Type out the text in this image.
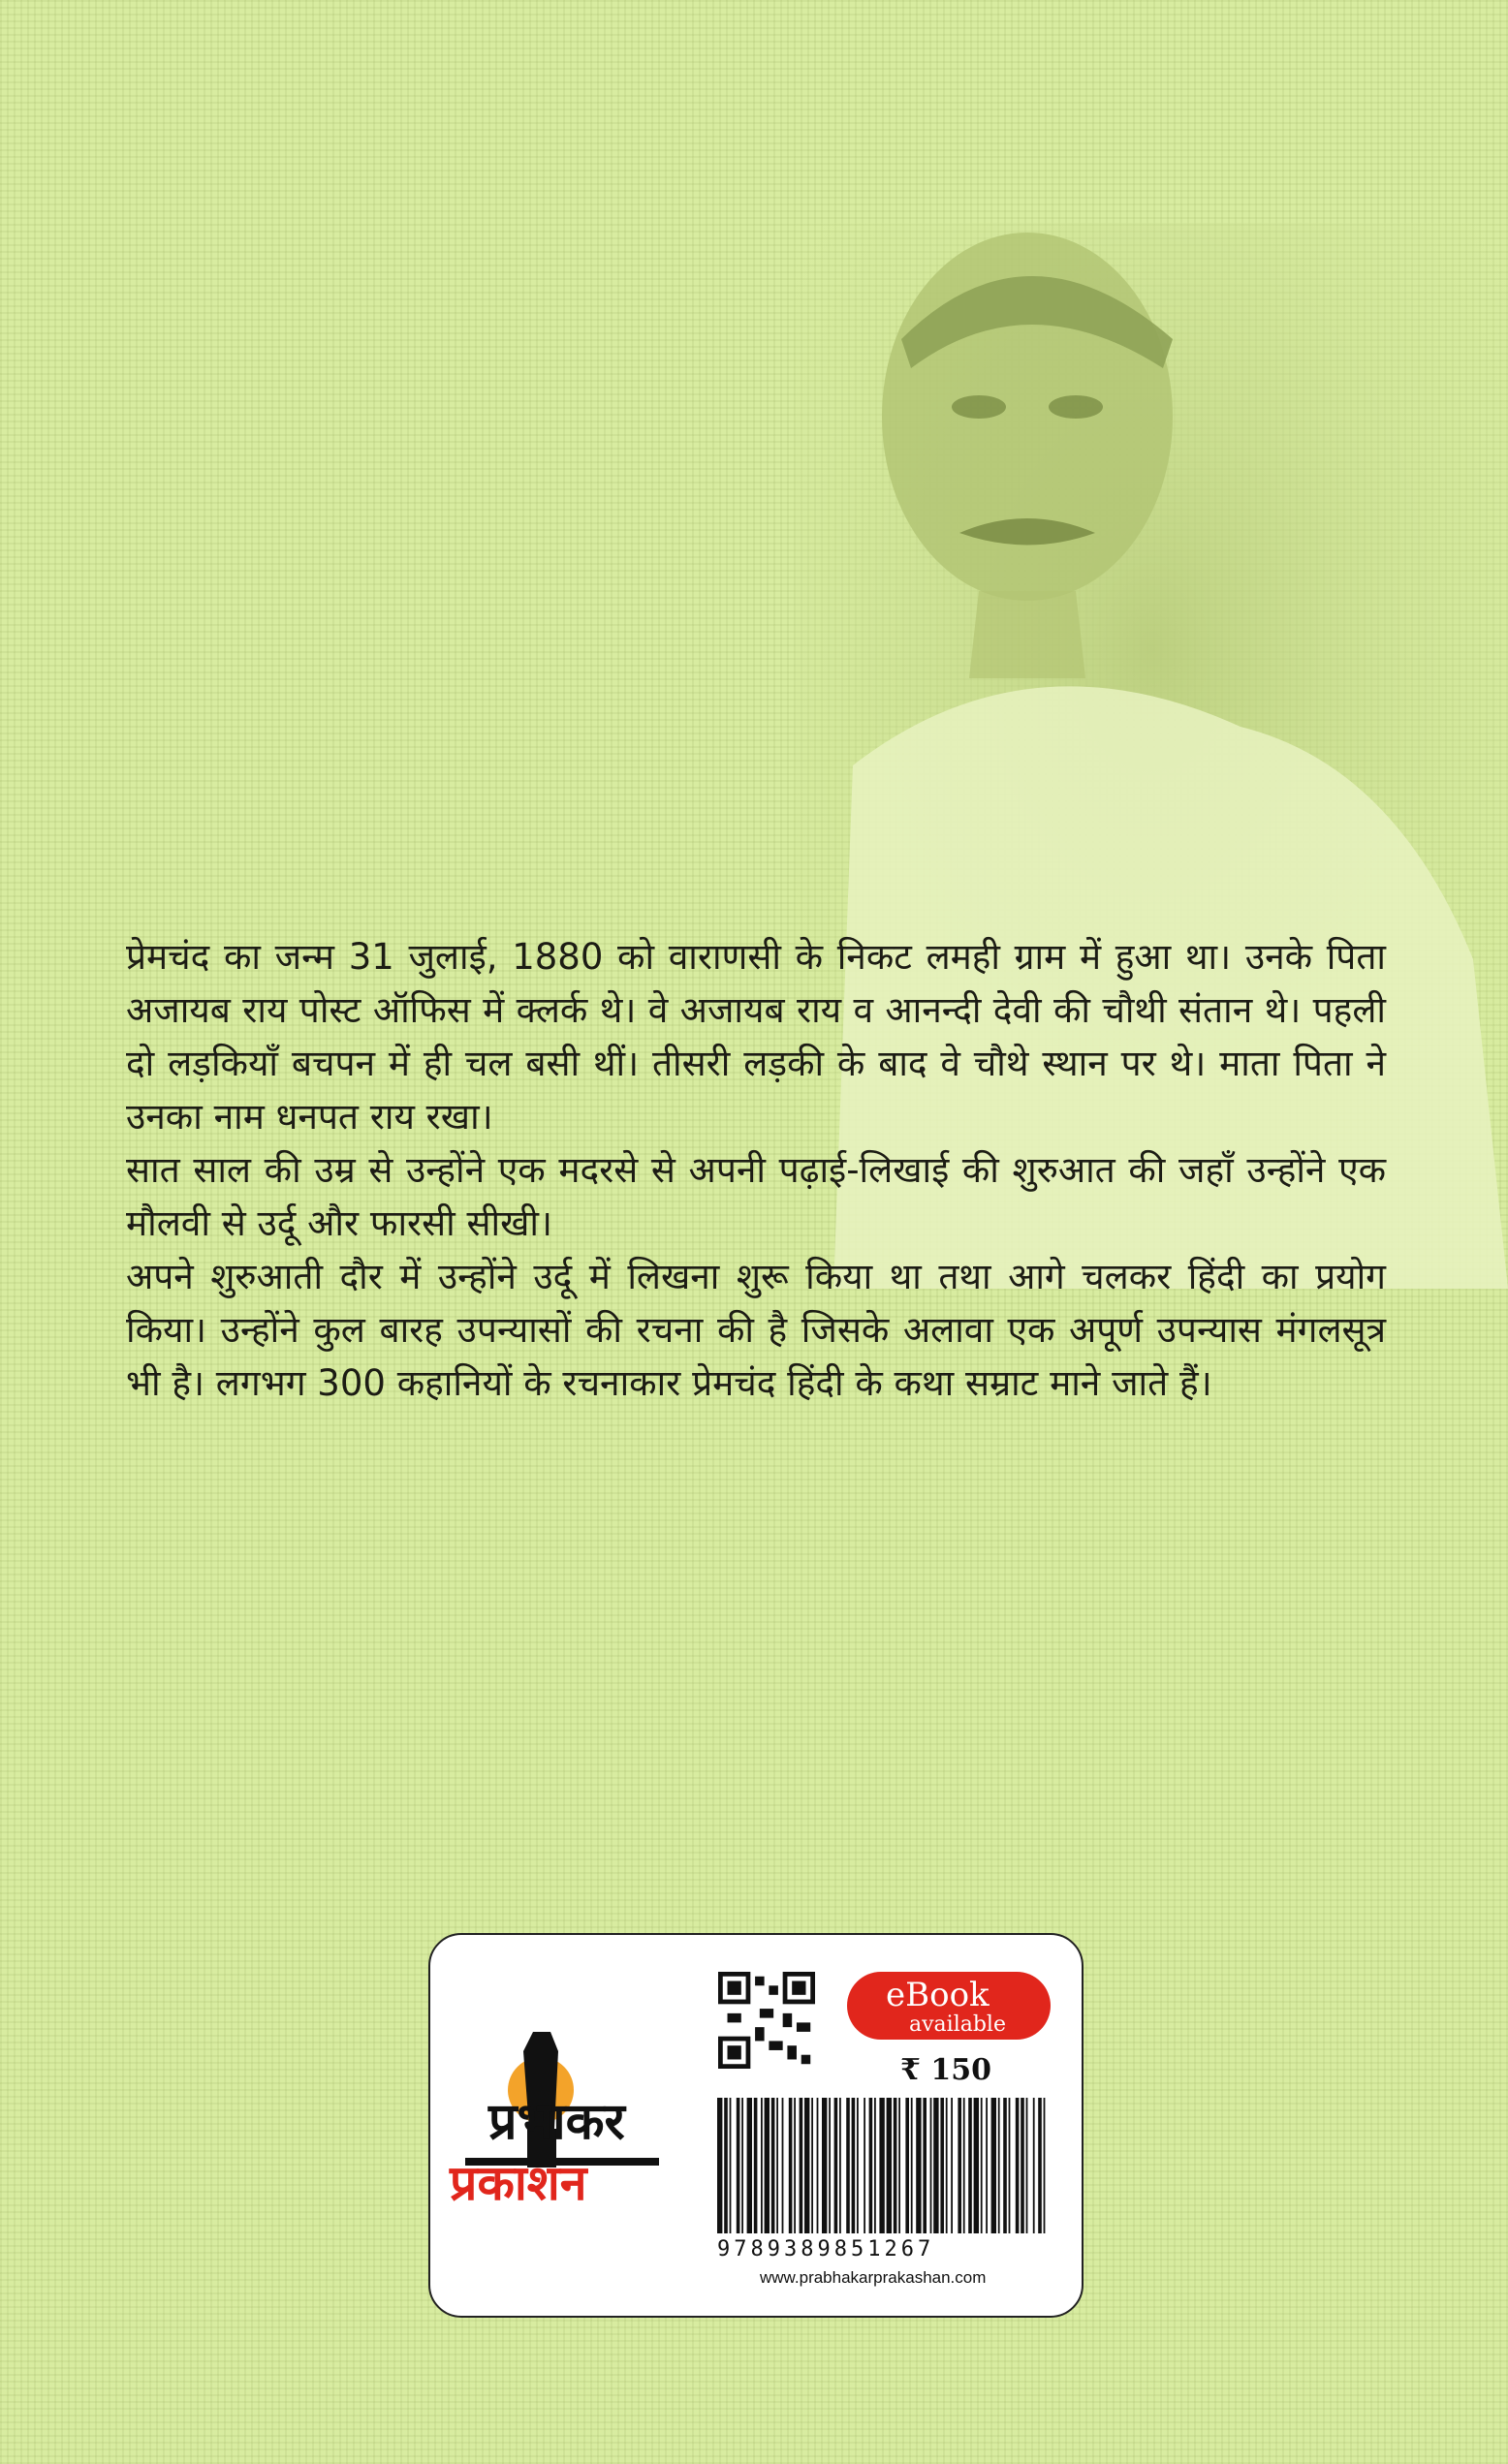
प्रेमचंद का जन्म 31 जुलाई, 1880 को वाराणसी के निकट लमही ग्राम में हुआ था। उनके पिता अजायब राय पोस्ट ऑफिस में क्लर्क थे। वे अजायब राय व आनन्दी देवी की चौथी संतान थे। पहली दो लड़कियाँ बचपन में ही चल बसी थीं। तीसरी लड़की के बाद वे चौथे स्थान पर थे। माता पिता ने उनका नाम धनपत राय रखा।

सात साल की उम्र से उन्होंने एक मदरसे से अपनी पढ़ाई-लिखाई की शुरुआत की जहाँ उन्होंने एक मौलवी से उर्दू और फारसी सीखी।

अपने शुरुआती दौर में उन्होंने उर्दू में लिखना शुरू किया था तथा आगे चलकर हिंदी का प्रयोग किया। उन्होंने कुल बारह उपन्यासों की रचना की है जिसके अलावा एक अपूर्ण उपन्यास मंगलसूत्र भी है। लगभग 300 कहानियों के रचनाकार प्रेमचंद हिंदी के कथा सम्राट माने जाते हैं।

प्रभाकर
प्रकाशन
eBook
available
₹ 150
9789389851267
www.prabhakarprakashan.com
